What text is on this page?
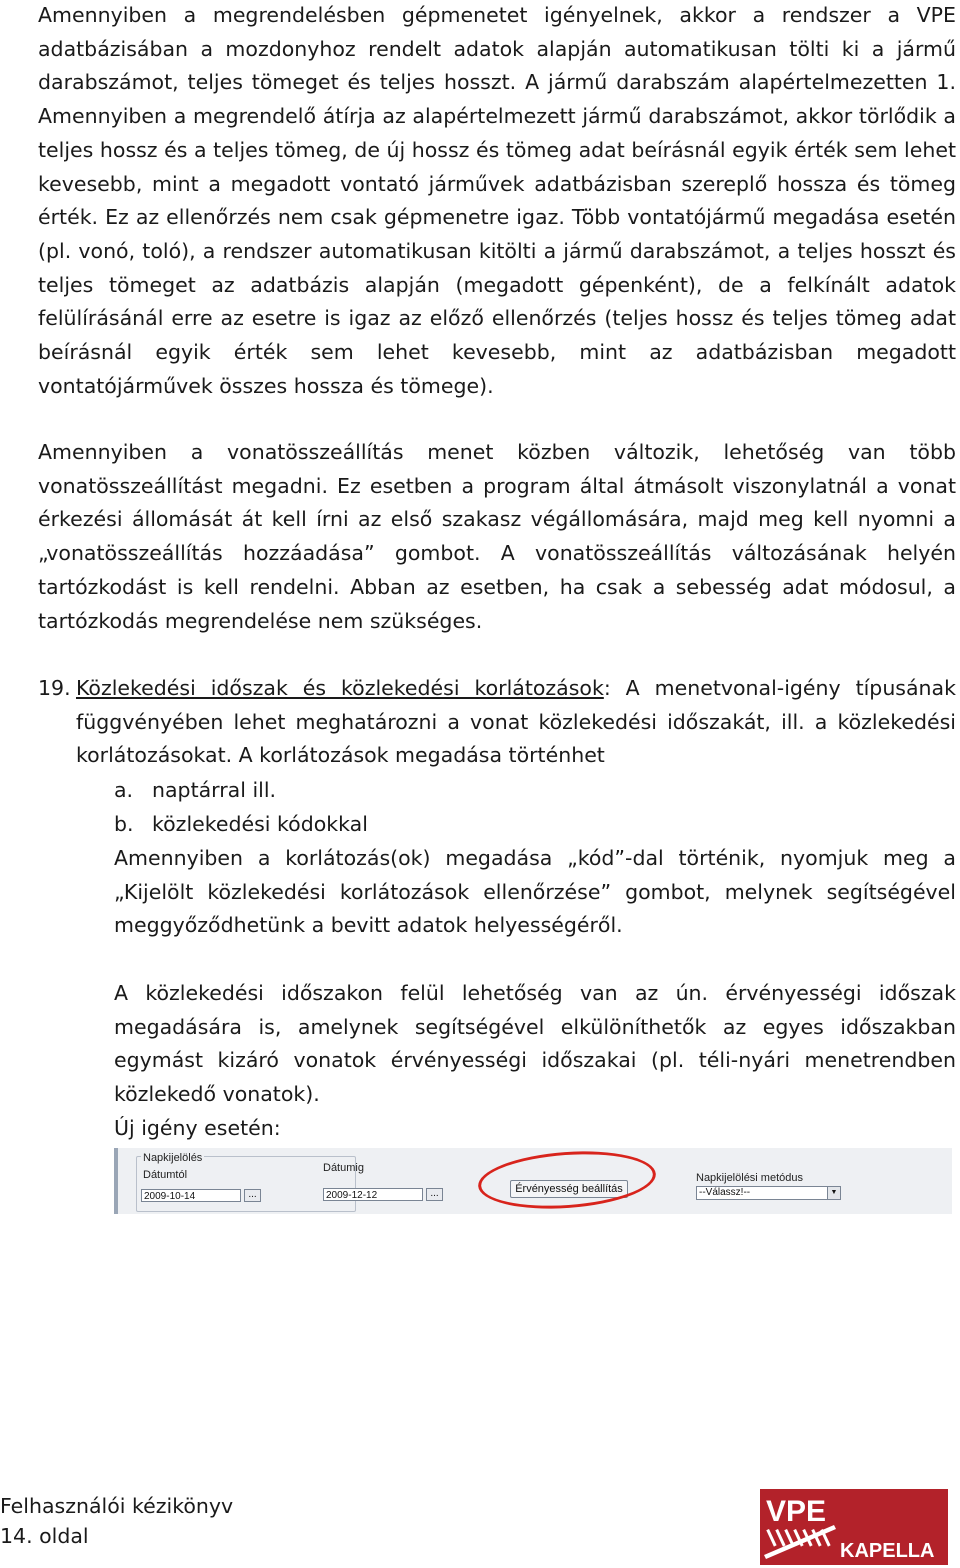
Amennyiben a megrendelésben gépmenetet igényelnek, akkor a rendszer a VPE adatbázisában a mozdonyhoz rendelt adatok alapján automatikusan tölti ki a jármű darabszámot, teljes tömeget és teljes hosszt. A jármű darabszám alapértelmezetten 1. Amennyiben a megrendelő átírja az alapértelmezett jármű darabszámot, akkor törlődik a teljes hossz és a teljes tömeg, de új hossz és tömeg adat beírásnál egyik érték sem lehet kevesebb, mint a megadott vontató járművek adatbázisban szereplő hossza és tömeg érték. Ez az ellenőrzés nem csak gépmenetre igaz. Több vontatójármű megadása esetén (pl. vonó, toló), a rendszer automatikusan kitölti a jármű darabszámot, a teljes hosszt és teljes tömeget az adatbázis alapján (megadott gépenként), de a felkínált adatok felülírásánál erre az esetre is igaz az előző ellenőrzés (teljes hossz és teljes tömeg adat beírásnál egyik érték sem lehet kevesebb, mint az adatbázisban megadott vontatójárművek összes hossza és tömege).

Amennyiben a vonatösszeállítás menet közben változik, lehetőség van több vonatösszeállítást megadni. Ez esetben a program által átmásolt viszonylatnál a vonat érkezési állomását át kell írni az első szakasz végállomására, majd meg kell nyomni a „vonatösszeállítás hozzáadása” gombot. A vonatösszeállítás változásának helyén tartózkodást is kell rendelni. Abban az esetben, ha csak a sebesség adat módosul, a tartózkodás megrendelése nem szükséges.

19. Közlekedési időszak és közlekedési korlátozások: A menetvonal-igény típusának függvényében lehet meghatározni a vonat közlekedési időszakát, ill. a közlekedési korlátozásokat. A korlátozások megadása történhet

a. naptárral ill.

b. közlekedési kódokkal

Amennyiben a korlátozás(ok) megadása „kód”-dal történik, nyomjuk meg a „Kijelölt közlekedési korlátozások ellenőrzése” gombot, melynek segítségével meggyőződhetünk a bevitt adatok helyességéről.

A közlekedési időszakon felül lehetőség van az ún. érvényességi időszak megadására is, amelynek segítségével elkülöníthetők az egyes időszakban egymást kizáró vonatok érvényességi időszakai (pl. téli-nyári menetrendben közlekedő vonatok).

Új igény esetén:

Napkijelölés
Dátumtól
2009-10-14	...
Dátumig
2009-12-12	...	Érvényesség beállítás
Napkijelölési metódus
--Válassz!--	▼

Felhasználói kézikönyv

14. oldal

VPE
KAPELLA
